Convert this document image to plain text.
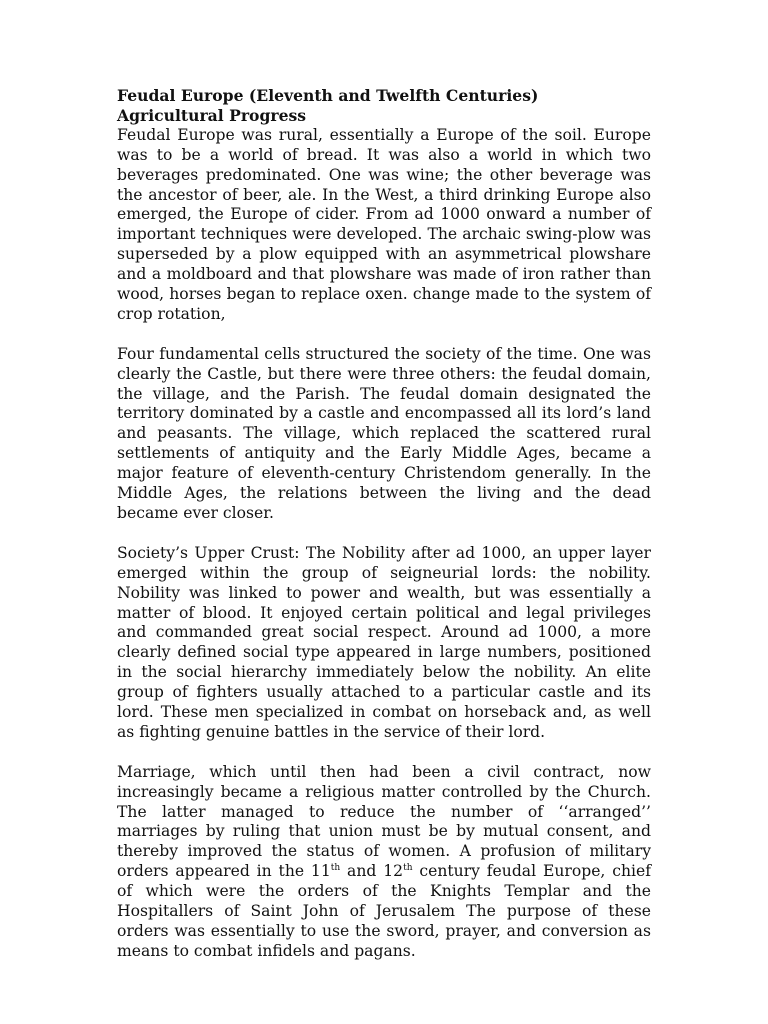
Feudal Europe (Eleventh and Twelfth Centuries)

Agricultural Progress

Feudal Europe was rural, essentially a Europe of the soil. Europe was to be a world of bread. It was also a world in which two beverages predominated. One was wine; the other beverage was the ancestor of beer, ale. In the West, a third drinking Europe also emerged, the Europe of cider. From ad 1000 onward a number of important techniques were developed. The archaic swing-plow was superseded by a plow equipped with an asymmetrical plowshare and a moldboard and that plowshare was made of iron rather than wood, horses began to replace oxen. change made to the system of crop rotation,

Four fundamental cells structured the society of the time. One was clearly the Castle, but there were three others: the feudal domain, the village, and the Parish. The feudal domain designated the territory dominated by a castle and encompassed all its lord’s land and peasants. The village, which replaced the scattered rural settlements of antiquity and the Early Middle Ages, became a major feature of eleventh-century Christendom generally. In the Middle Ages, the relations between the living and the dead became ever closer.

Society’s Upper Crust: The Nobility after ad 1000, an upper layer emerged within the group of seigneurial lords: the nobility. Nobility was linked to power and wealth, but was essentially a matter of blood. It enjoyed certain political and legal privileges and commanded great social respect. Around ad 1000, a more clearly defined social type appeared in large numbers, positioned in the social hierarchy immediately below the nobility. An elite group of fighters usually attached to a particular castle and its lord. These men specialized in combat on horseback and, as well as fighting genuine battles in the service of their lord.

Marriage, which until then had been a civil contract, now increasingly became a religious matter controlled by the Church. The latter managed to reduce the number of ‘‘arranged’’ marriages by ruling that union must be by mutual consent, and thereby improved the status of women. A profusion of military orders appeared in the 11th and 12th century feudal Europe, chief of which were the orders of the Knights Templar and the Hospitallers of Saint John of Jerusalem The purpose of these orders was essentially to use the sword, prayer, and conversion as means to combat infidels and pagans.
